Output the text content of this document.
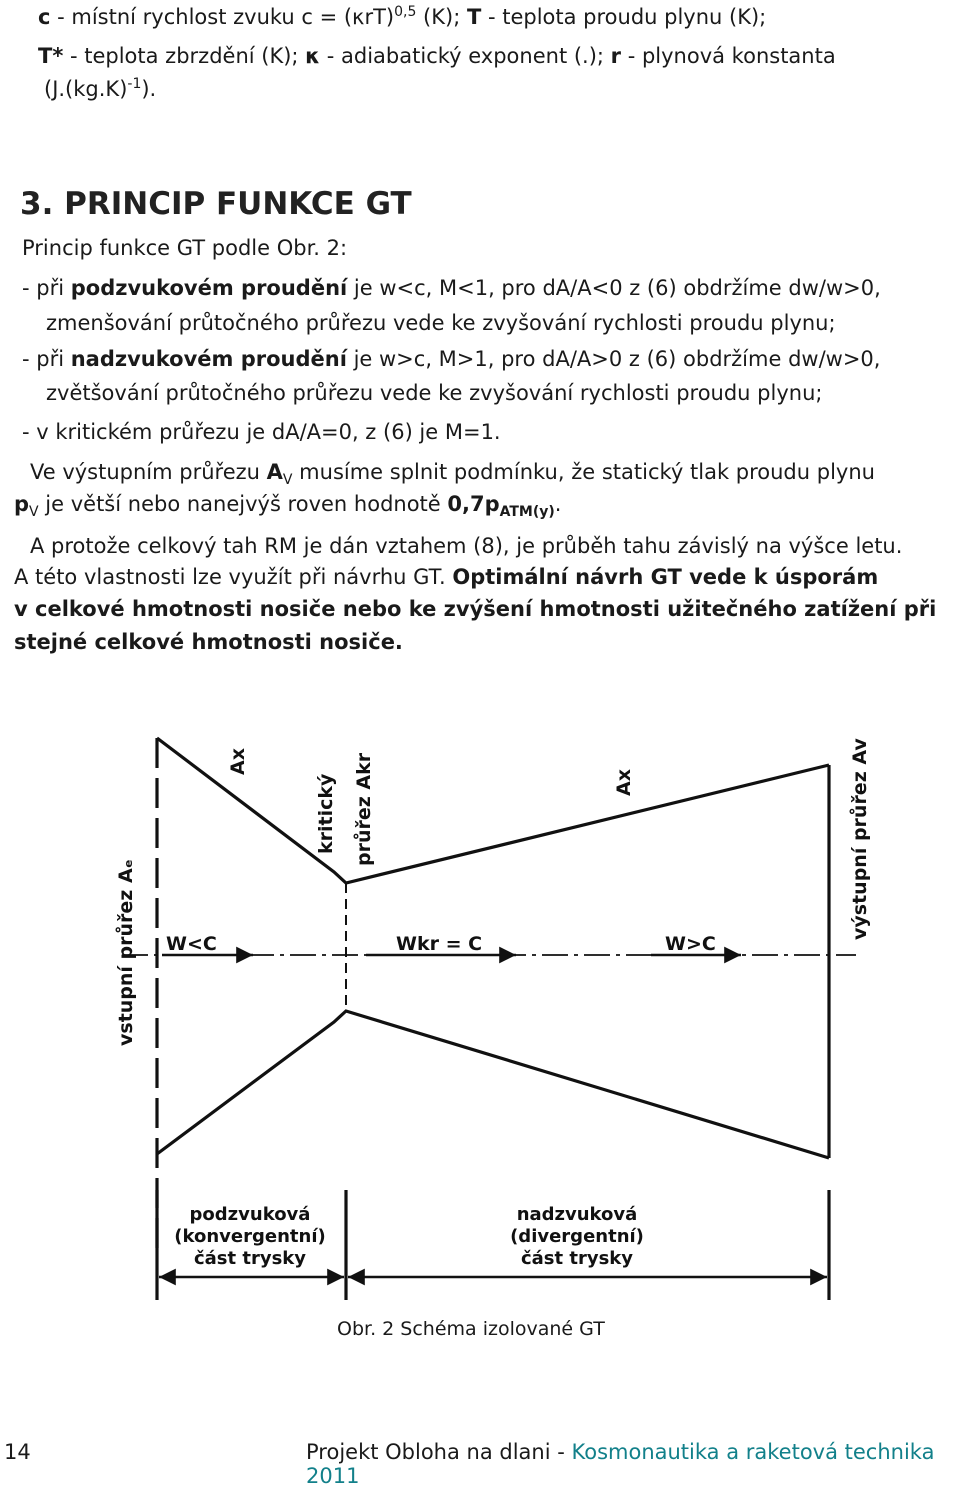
c - místní rychlost zvuku $c = (\kappa rT)^{0,5}$ (K); T - teplota proudu plynu (K);
T* - teplota zbrzdění (K); κ - adiabatický exponent (.); r - plynová konstanta
$(J.(kg.K)^{-1})$.
3. PRINCIP FUNKCE GT
Princip funkce GT podle Obr. 2:
- při podzvukovém proudění je w<c, M<1, pro dA/A<0 z (6) obdržíme dw/w>0,
zmenšování průtočného průřezu vede ke zvyšování rychlosti proudu plynu;
- při nadzvukovém proudění je w>c, M>1, pro dA/A>0 z (6) obdržíme dw/w>0,
zvětšování průtočného průřezu vede ke zvyšování rychlosti proudu plynu;
- v kritickém průřezu je dA/A=0, z (6) je M=1.
Ve výstupním průřezu $A_V$ musíme splnit podmínku, že statický tlak proudu plynu
$p_V$ je větší nebo nanejvýš roven hodnotě $0,7p_{ATM(y)}$.
A protože celkový tah RM je dán vztahem (8), je průběh tahu závislý na výšce letu.
A této vlastnosti lze využít při návrhu GT. Optimální návrh GT vede k úsporám
v celkové hmotnosti nosiče nebo ke zvýšení hmotnosti užitečného zatížení při
stejné celkové hmotnosti nosiče.
W<C	Wkr = C	W>C
Ax
kritický průřez Akr	Ax	výstupní průřez Av
vstupní průřez Aₑ
podzvuková
(konvergentní)
část trysky
nadzvuková
(divergentní)
část trysky
Obr. 2 Schéma izolované GT
14	Projekt Obloha na dlani - Kosmonautika a raketová technika 2011
